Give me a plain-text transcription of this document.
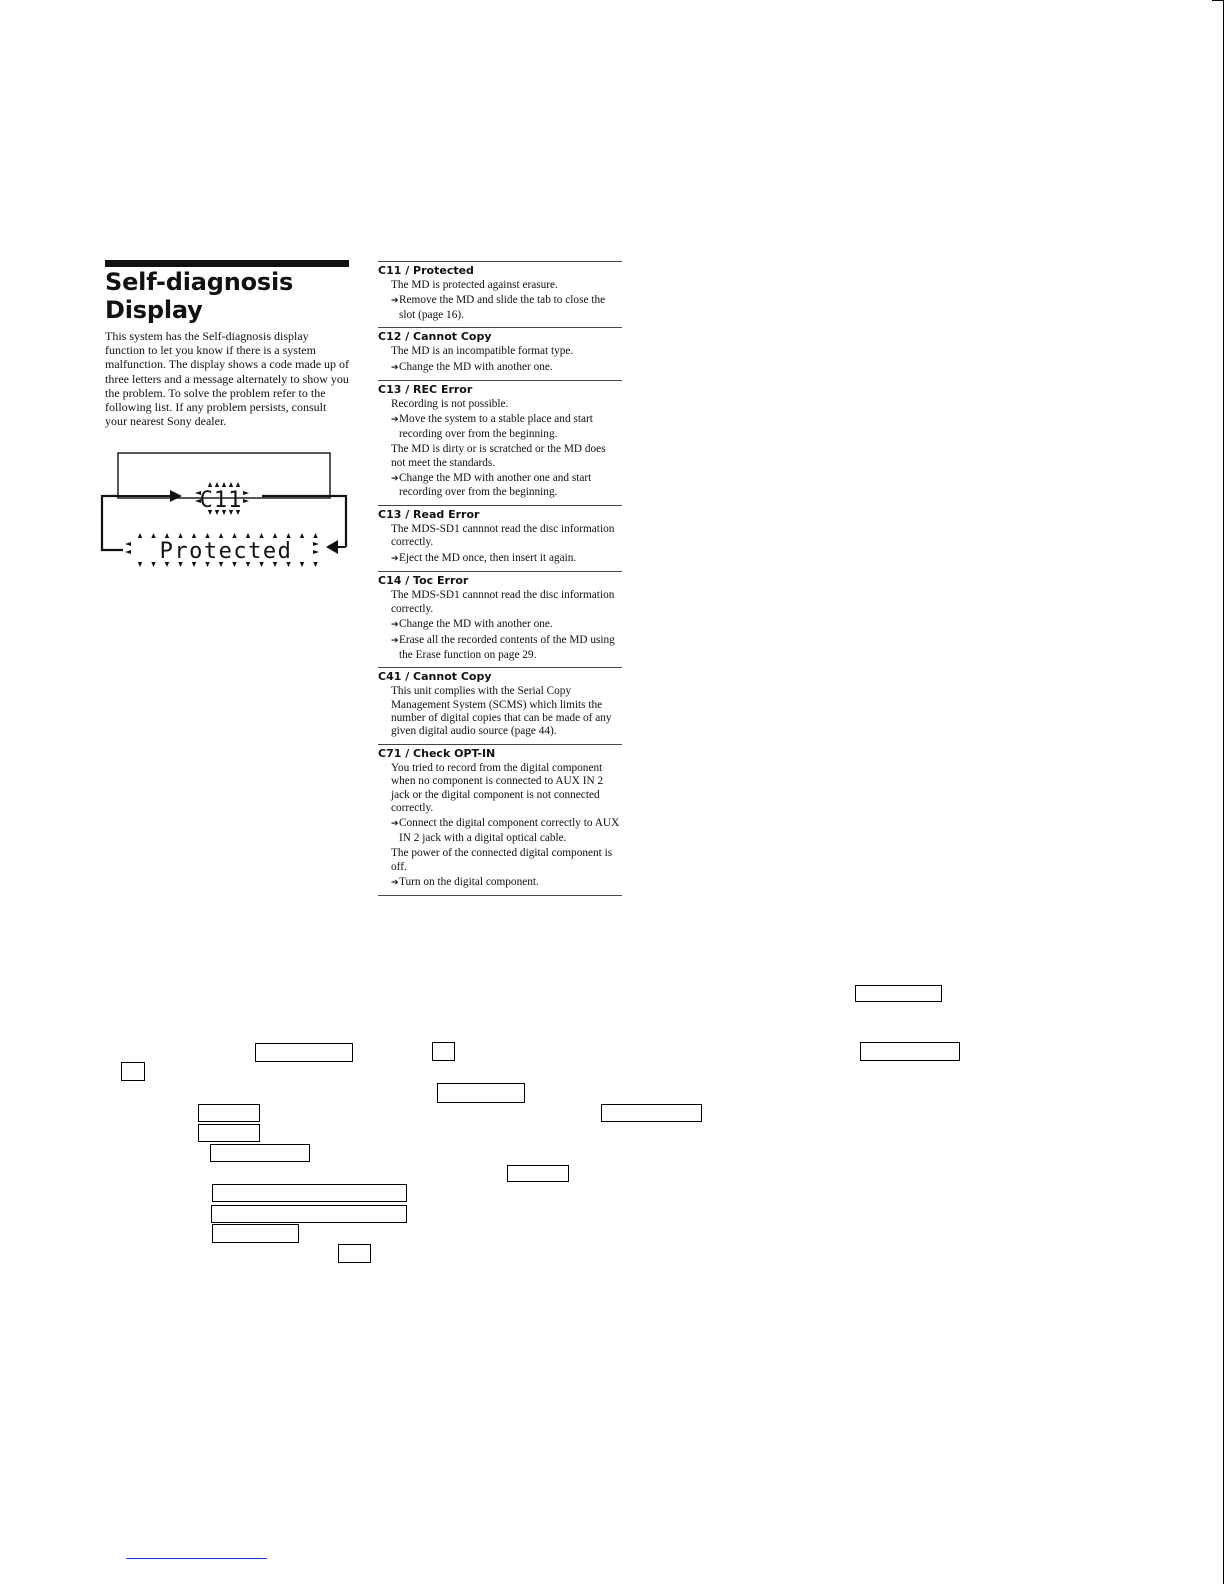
Self-diagnosis
Display

This system has the Self-diagnosis display function to let you know if there is a system malfunction. The display shows a code made up of three letters and a message alternately to show you the problem. To solve the problem refer to the following list. If any problem persists, consult your nearest Sony dealer.

C11
Protected
C11 / Protected
The MD is protected against erasure.
➔Remove the MD and slide the tab to close the slot (page 16).
C12 / Cannot Copy
The MD is an incompatible format type.
➔Change the MD with another one.
C13 / REC Error
Recording is not possible.
➔Move the system to a stable place and start recording over from the beginning.
The MD is dirty or is scratched or the MD does not meet the standards.
➔Change the MD with another one and start recording over from the beginning.
C13 / Read Error
The MDS-SD1 cannnot read the disc information correctly.
➔Eject the MD once, then insert it again.
C14 / Toc Error
The MDS-SD1 cannnot read the disc information correctly.
➔Change the MD with another one.
➔Erase all the recorded contents of the MD using the Erase function on page 29.
C41 / Cannot Copy
This unit complies with the Serial Copy Management System (SCMS) which limits the number of digital copies that can be made of any given digital audio source (page 44).
C71 / Check OPT-IN
You tried to record from the digital component when no component is connected to AUX IN 2 jack or the digital component is not connected correctly.
➔Connect the digital component correctly to AUX IN 2 jack with a digital optical cable.
The power of the connected digital component is off.
➔Turn on the digital component.
